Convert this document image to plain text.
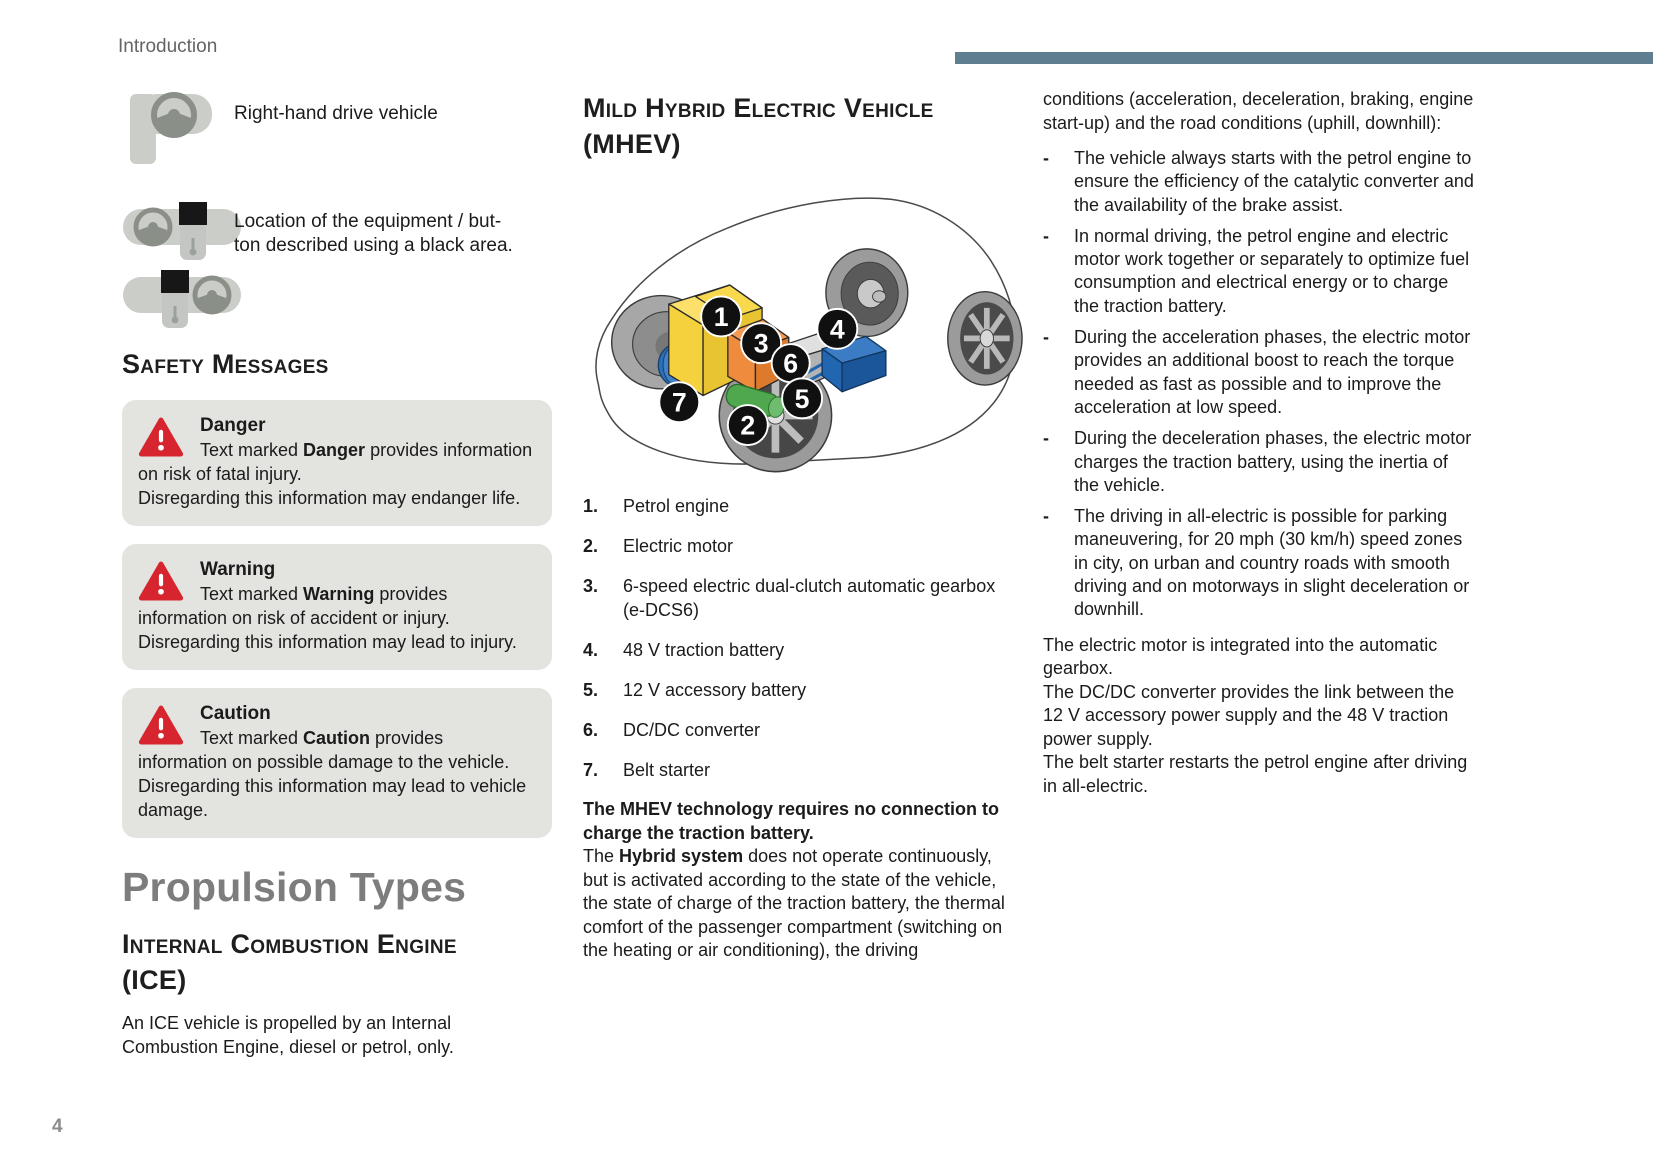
Introduction
4
Right-hand drive vehicle
Location of the equipment / but-
ton described using a black area.
Safety Messages
Danger
Text marked Danger provides information on risk of fatal injury.
Disregarding this information may endanger life.
Warning
Text marked Warning provides information on risk of accident or injury.
Disregarding this information may lead to injury.
Caution
Text marked Caution provides information on possible damage to the vehicle.
Disregarding this information may lead to vehicle damage.
Propulsion Types
Internal Combustion Engine
(ICE)

An ICE vehicle is propelled by an Internal Combustion Engine, diesel or petrol, only.

Mild Hybrid Electric Vehicle
(MHEV)
1
3
6
4
7	5
2
1.	Petrol engine
2.	Electric motor
3.	6-speed electric dual-clutch automatic gearbox (e-DCS6)
4.	48 V traction battery
5.	12 V accessory battery
6.	DC/DC converter
7.	Belt starter

The MHEV technology requires no connection to charge the traction battery.
The Hybrid system does not operate continuously, but is activated according to the state of the vehicle, the state of charge of the traction battery, the thermal comfort of the passenger compartment (switching on the heating or air conditioning), the driving

conditions (acceleration, deceleration, braking, engine start-up) and the road conditions (uphill, downhill):

-	The vehicle always starts with the petrol engine to ensure the efficiency of the catalytic converter and the availability of the brake assist.
-	In normal driving, the petrol engine and electric motor work together or separately to optimize fuel consumption and electrical energy or to charge the traction battery.
-	During the acceleration phases, the electric motor provides an additional boost to reach the torque needed as fast as possible and to improve the acceleration at low speed.
-	During the deceleration phases, the electric motor charges the traction battery, using the inertia of the vehicle.
-	The driving in all-electric is possible for parking maneuvering, for 20 mph (30 km/h) speed zones in city, on urban and country roads with smooth driving and on motorways in slight deceleration or downhill.

The electric motor is integrated into the automatic gearbox.
The DC/DC converter provides the link between the 12 V accessory power supply and the 48 V traction power supply.
The belt starter restarts the petrol engine after driving in all-electric.
